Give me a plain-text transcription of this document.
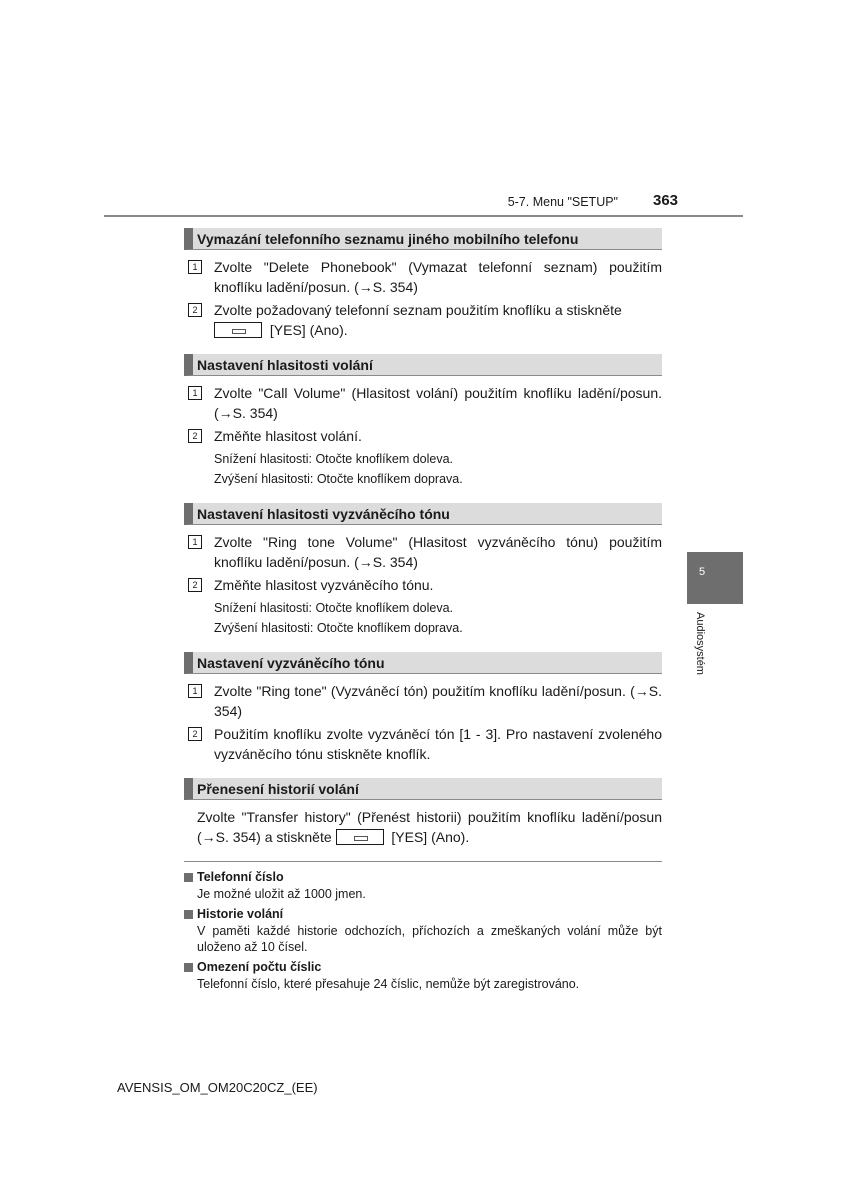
5-7. Menu "SETUP" 363
5
Audiosystém
Vymazání telefonního seznamu jiného mobilního telefonu
1	Zvolte "Delete Phonebook" (Vymazat telefonní seznam) použitím knoflíku ladění/posun. (→S. 354)
2	Zvolte požadovaný telefonní seznam použitím knoflíku a stiskněte
[YES] (Ano).
Nastavení hlasitosti volání
1	Zvolte "Call Volume" (Hlasitost volání) použitím knoflíku ladění/posun. (→S. 354)
2	Změňte hlasitost volání.
Snížení hlasitosti: Otočte knoflíkem doleva.
Zvýšení hlasitosti: Otočte knoflíkem doprava.
Nastavení hlasitosti vyzváněcího tónu
1	Zvolte "Ring tone Volume" (Hlasitost vyzváněcího tónu) použitím knoflíku ladění/posun. (→S. 354)
2	Změňte hlasitost vyzváněcího tónu.
Snížení hlasitosti: Otočte knoflíkem doleva.
Zvýšení hlasitosti: Otočte knoflíkem doprava.
Nastavení vyzváněcího tónu
1	Zvolte "Ring tone" (Vyzváněcí tón) použitím knoflíku ladění/posun. (→S. 354)
2	Použitím knoflíku zvolte vyzváněcí tón [1 - 3]. Pro nastavení zvoleného vyzváněcího tónu stiskněte knoflík.
Přenesení historií volání
Zvolte "Transfer history" (Přenést historii) použitím knoflíku ladění/posun (→S. 354) a stiskněte	[YES] (Ano).
Telefonní číslo
Je možné uložit až 1000 jmen.
Historie volání
V paměti každé historie odchozích, příchozích a zmeškaných volání může být uloženo až 10 čísel.
Omezení počtu číslic
Telefonní číslo, které přesahuje 24 číslic, nemůže být zaregistrováno.
AVENSIS_OM_OM20C20CZ_(EE)
